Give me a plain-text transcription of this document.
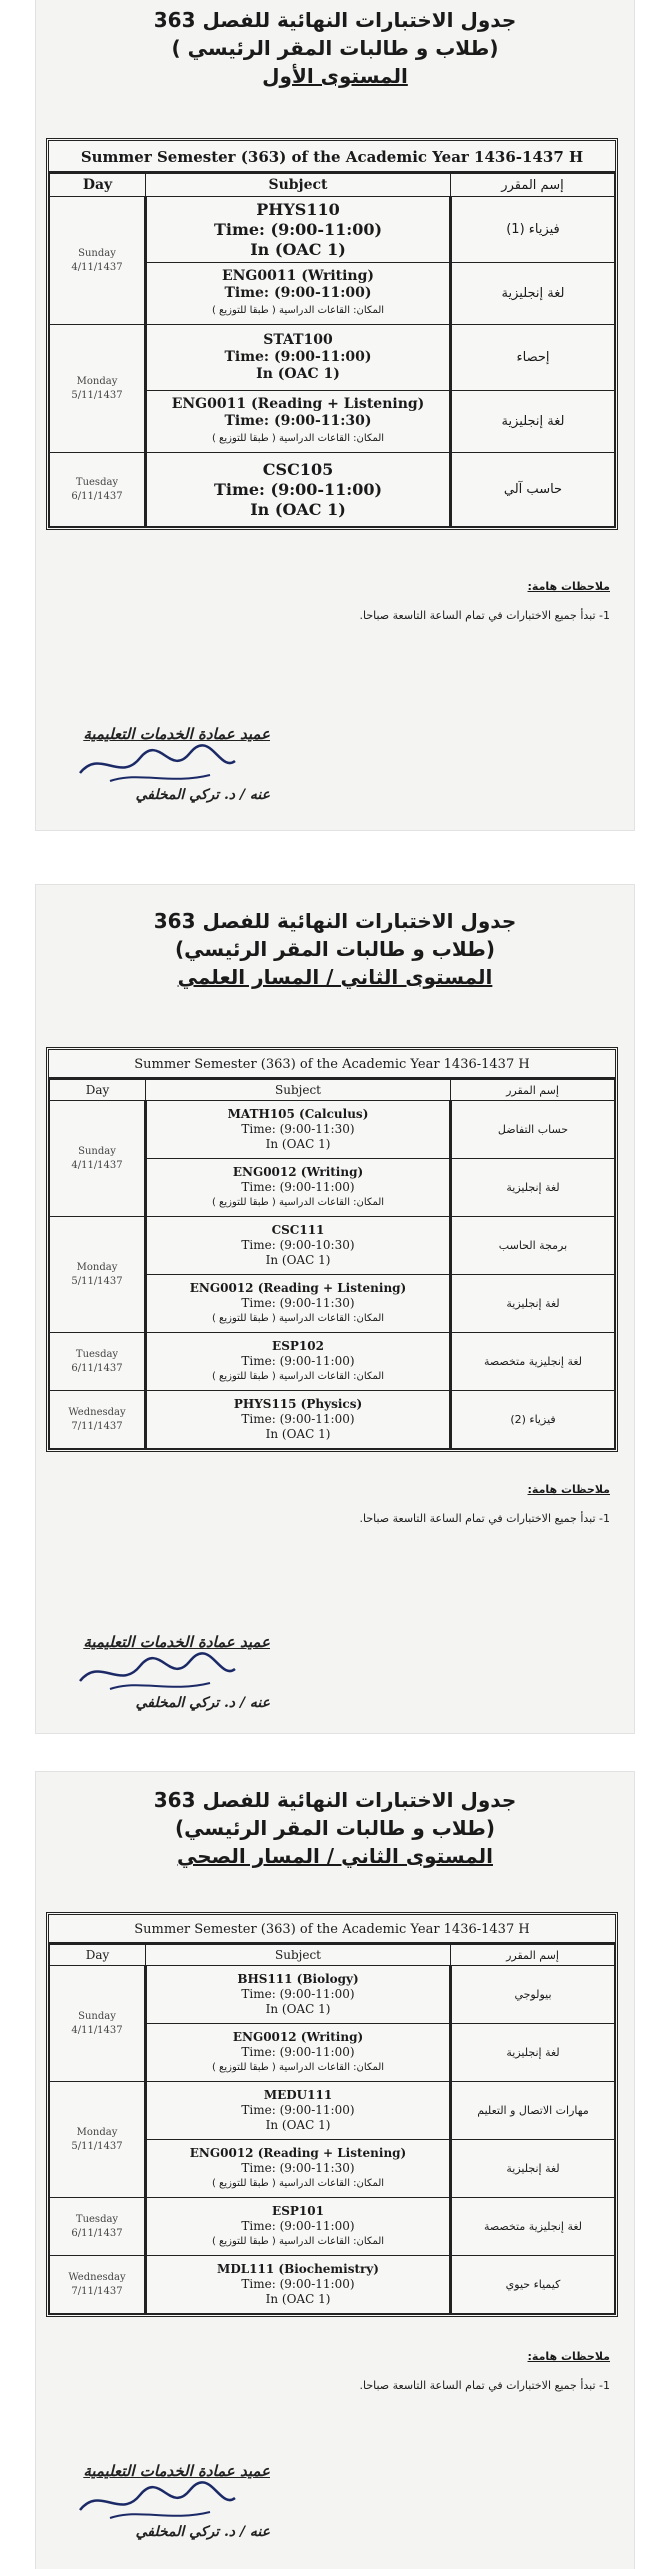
جدول الاختبارات النهائية للفصل 363
(طلاب و طالبات المقر الرئيسي )
المستوى الأول
Summer Semester (363) of the Academic Year 1436-1437 H
Day	Subject	إسم المقرر
Sunday 4/11/1437	PHYS110
Time: (9:00-11:00)
In (OAC 1)	فيزياء (1)

	ENG0011 (Writing)
Time: (9:00-11:00)
المكان: القاعات الدراسية ( طبقا للتوزيع )	لغة إنجليزية
Monday 5/11/1437	STAT100
Time: (9:00-11:00)
In (OAC 1)	إحصاء

	ENG0011 (Reading + Listening)
Time: (9:00-11:30)
المكان: القاعات الدراسية ( طبقا للتوزيع )	لغة إنجليزية
Tuesday 6/11/1437	CSC105
Time: (9:00-11:00)
In (OAC 1)	حاسب آلي
ملاحظات هامة:
1- تبدأ جميع الاختبارات في تمام الساعة التاسعة صباحا.
عميد عمادة الخدمات التعليمية
عنه / د. تركي المخلفي
جدول الاختبارات النهائية للفصل 363
(طلاب و طالبات المقر الرئيسي)
المستوى الثاني / المسار العلمي
Summer Semester (363) of the Academic Year 1436-1437 H
Day	Subject	إسم المقرر
Sunday 4/11/1437	MATH105 (Calculus)
Time: (9:00-11:30)
In (OAC 1)	حساب التفاضل

	ENG0012 (Writing)
Time: (9:00-11:00)
المكان: القاعات الدراسية ( طبقا للتوزيع )	لغة إنجليزية
Monday 5/11/1437	CSC111
Time: (9:00-10:30)
In (OAC 1)	برمجة الحاسب

	ENG0012 (Reading + Listening)
Time: (9:00-11:30)
المكان: القاعات الدراسية ( طبقا للتوزيع )	لغة إنجليزية
Tuesday 6/11/1437	ESP102
Time: (9:00-11:00)
المكان: القاعات الدراسية ( طبقا للتوزيع )	لغة إنجليزية متخصصة
Wednesday 7/11/1437	PHYS115 (Physics)
Time: (9:00-11:00)
In (OAC 1)	فيزياء (2)
ملاحظات هامة:
1- تبدأ جميع الاختبارات في تمام الساعة التاسعة صباحا.
عميد عمادة الخدمات التعليمية
عنه / د. تركي المخلفي
جدول الاختبارات النهائية للفصل 363
(طلاب و طالبات المقر الرئيسي)
المستوى الثاني / المسار الصحي
Summer Semester (363) of the Academic Year 1436-1437 H
Day	Subject	إسم المقرر
Sunday 4/11/1437	BHS111 (Biology)
Time: (9:00-11:00)
In (OAC 1)	بيولوجي

	ENG0012 (Writing)
Time: (9:00-11:00)
المكان: القاعات الدراسية ( طبقا للتوزيع )	لغة إنجليزية
Monday 5/11/1437	MEDU111
Time: (9:00-11:00)
In (OAC 1)	مهارات الاتصال و التعليم

	ENG0012 (Reading + Listening)
Time: (9:00-11:30)
المكان: القاعات الدراسية ( طبقا للتوزيع )	لغة إنجليزية
Tuesday 6/11/1437	ESP101
Time: (9:00-11:00)
المكان: القاعات الدراسية ( طبقا للتوزيع )	لغة إنجليزية متخصصة
Wednesday 7/11/1437	MDL111 (Biochemistry)
Time: (9:00-11:00)
In (OAC 1)	كيمياء حيوي
ملاحظات هامة:
1- تبدأ جميع الاختبارات في تمام الساعة التاسعة صباحا.
عميد عمادة الخدمات التعليمية
عنه / د. تركي المخلفي
